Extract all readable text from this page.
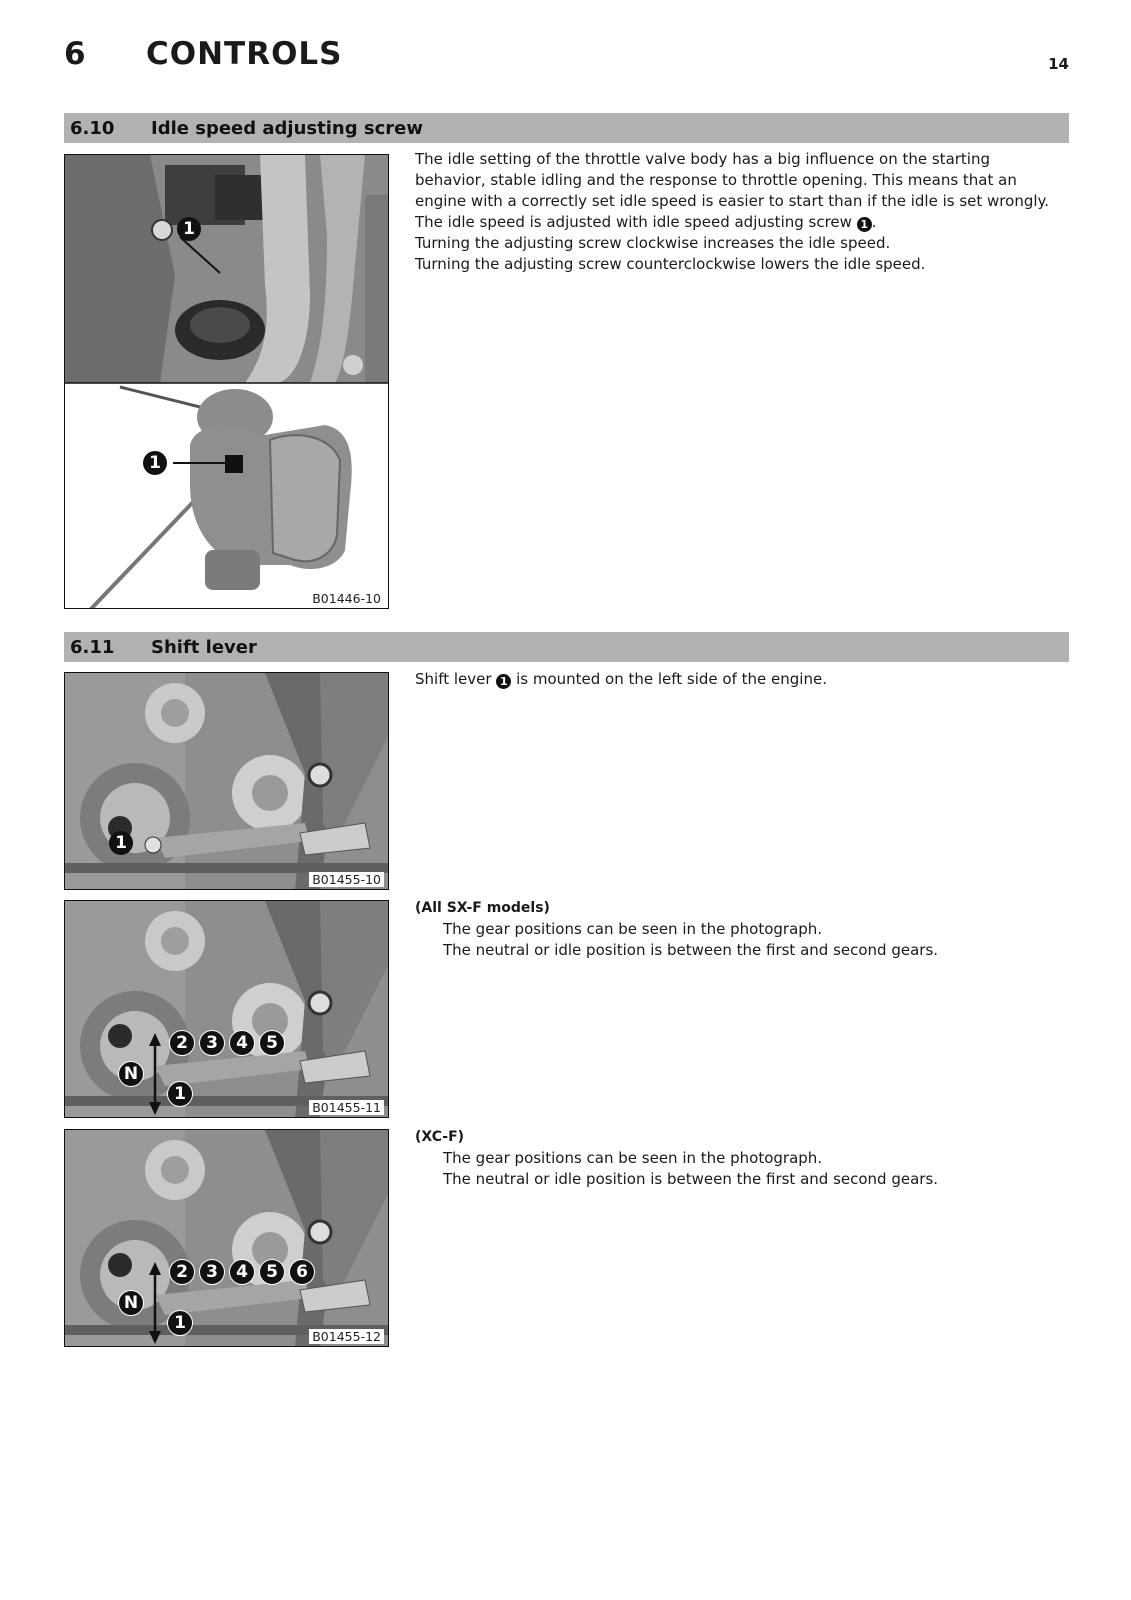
6 CONTROLS	14
6.10 Idle speed adjusting screw
1
1
B01446-10

The idle setting of the throttle valve body has a big influence on the starting behavior, stable idling and the response to throttle opening. This means that an engine with a correctly set idle speed is easier to start than if the idle is set wrongly.

The idle speed is adjusted with idle speed adjusting screw 1 .

Turning the adjusting screw clockwise increases the idle speed.

Turning the adjusting screw counterclockwise lowers the idle speed.

6.11 Shift lever
1
B01455-10

Shift lever 1 is mounted on the left side of the engine.

2	3	4	5
N
1
B01455-11

(All SX-F models)

The gear positions can be seen in the photograph.

The neutral or idle position is between the first and second gears.

2	3	4	5	6
N
1
B01455-12

(XC-F)

The gear positions can be seen in the photograph.

The neutral or idle position is between the first and second gears.
